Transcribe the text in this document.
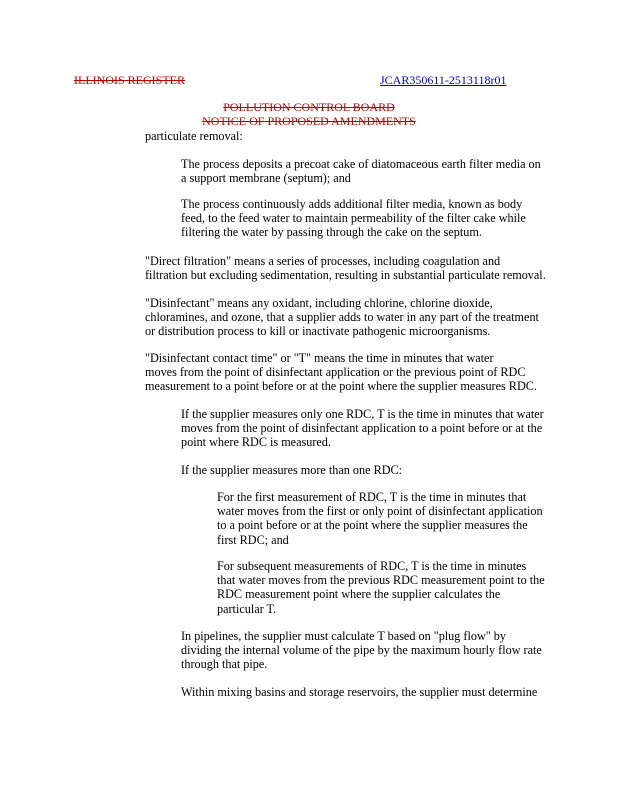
ILLINOIS REGISTER	JCAR350611-2513118r01
POLLUTION CONTROL BOARD
NOTICE OF PROPOSED AMENDMENTS

particulate removal:

The process deposits a precoat cake of diatomaceous earth filter media on

a support membrane (septum); and

The process continuously adds additional filter media, known as body

feed, to the feed water to maintain permeability of the filter cake while

filtering the water by passing through the cake on the septum.

"Direct filtration" means a series of processes, including coagulation and

filtration but excluding sedimentation, resulting in substantial particulate removal.

"Disinfectant" means any oxidant, including chlorine, chlorine dioxide,

chloramines, and ozone, that a supplier adds to water in any part of the treatment

or distribution process to kill or inactivate pathogenic microorganisms.

"Disinfectant contact time" or "T" means the time in minutes that water

moves from the point of disinfectant application or the previous point of RDC

measurement to a point before or at the point where the supplier measures RDC.

If the supplier measures only one RDC, T is the time in minutes that water

moves from the point of disinfectant application to a point before or at the

point where RDC is measured.

If the supplier measures more than one RDC:

For the first measurement of RDC, T is the time in minutes that

water moves from the first or only point of disinfectant application

to a point before or at the point where the supplier measures the

first RDC; and

For subsequent measurements of RDC, T is the time in minutes

that water moves from the previous RDC measurement point to the

RDC measurement point where the supplier calculates the

particular T.

In pipelines, the supplier must calculate T based on "plug flow" by

dividing the internal volume of the pipe by the maximum hourly flow rate

through that pipe.

Within mixing basins and storage reservoirs, the supplier must determine
